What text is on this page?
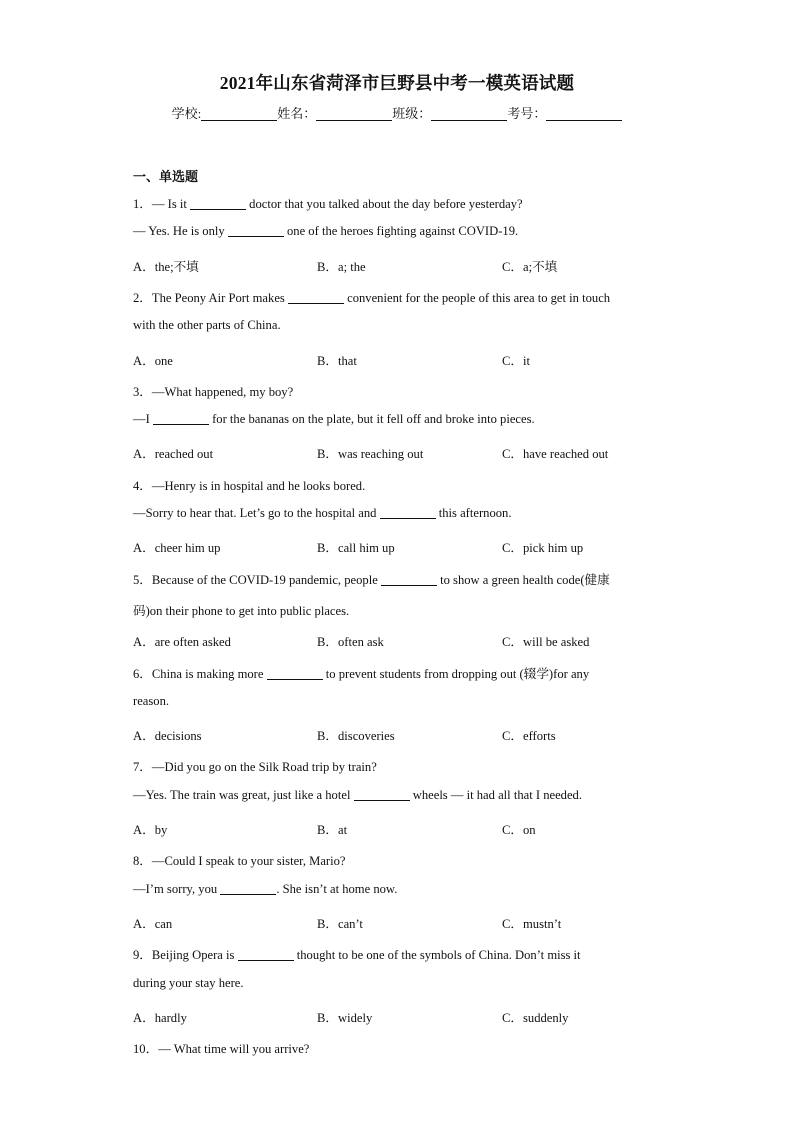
2021年山东省菏泽市巨野县中考一模英语试题
学校:	姓名：	班级：	考号：
一、单选题
1．— Is it	doctor that you talked about the day before yesterday?
— Yes. He is only	one of the heroes fighting against COVID-19.
A．the;不填	B．a; the	C．a;不填
2．The Peony Air Port makes	convenient for the people of this area to get in touch
with the other parts of China.
A．one	B．that	C．it
3．—What happened, my boy?
—I	for the bananas on the plate, but it fell off and broke into pieces.
A．reached out	B．was reaching out	C．have reached out
4．—Henry is in hospital and he looks bored.
—Sorry to hear that. Let’s go to the hospital and	this afternoon.
A．cheer him up	B．call him up	C．pick him up
5．Because of the COVID-19 pandemic, people	to show a green health code(健康
码)on their phone to get into public places.
A．are often asked	B．often ask	C．will be asked
6．China is making more	to prevent students from dropping out (辍学)for any
reason.
A．decisions	B．discoveries	C．efforts
7．—Did you go on the Silk Road trip by train?
—Yes. The train was great, just like a hotel	wheels — it had all that I needed.
A．by	B．at	C．on
8．—Could I speak to your sister, Mario?
—I’m sorry, you	. She isn’t at home now.
A．can	B．can’t	C．mustn’t
9．Beijing Opera is	thought to be one of the symbols of China. Don’t miss it
during your stay here.
A．hardly	B．widely	C．suddenly
10．— What time will you arrive?
